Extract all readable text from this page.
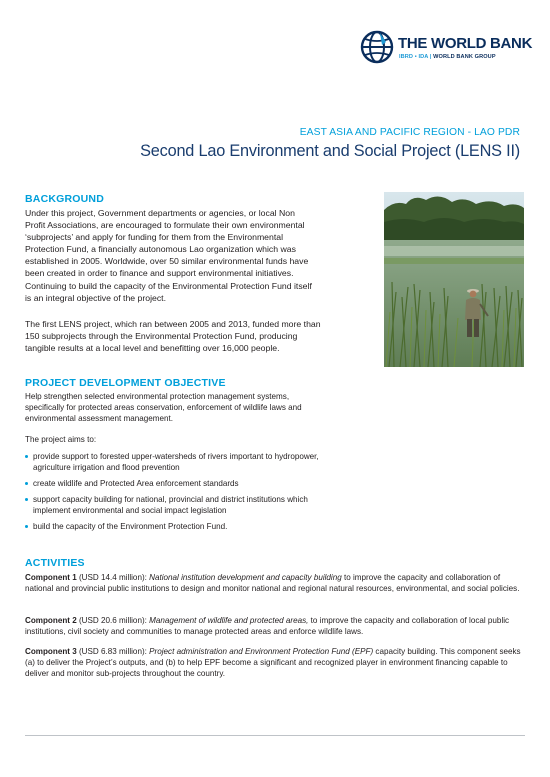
THE WORLD BANK
IBRD • IDA | WORLD BANK GROUP
EAST ASIA AND PACIFIC REGION - LAO PDR
Second Lao Environment and Social Project (LENS II)
BACKGROUND
Under this project, Government departments or agencies, or local Non
Profit Associations, are encouraged to formulate their own environmental
‘subprojects’ and apply for funding for them from the Environmental
Protection Fund, a financially autonomous Lao organization which was
established in 2005. Worldwide, over 50 similar environmental funds have
been created in order to finance and support environmental initiatives.
Continuing to build the capacity of the Environmental Protection Fund itself
is an integral objective of the project.
The first LENS project, which ran between 2005 and 2013, funded more than
150 subprojects through the Environmental Protection Fund, producing
tangible results at a local level and benefitting over 16,000 people.
PROJECT DEVELOPMENT OBJECTIVE
Help strengthen selected environmental protection management systems,
specifically for protected areas conservation, enforcement of wildlife laws and
environmental assessment management.
The project aims to:
provide support to forested upper-watersheds of rivers important to hydropower,
agriculture irrigation and flood prevention
create wildlife and Protected Area enforcement standards
support capacity building for national, provincial and district institutions which
implement environmental and social impact legislation
build the capacity of the Environment Protection Fund.
ACTIVITIES
Component 1 (USD 14.4 million): National institution development and capacity building to improve the capacity and collaboration of national and provincial public institutions to design and monitor national and regional natural resources, environmental, and social policies.
Component 2 (USD 20.6 million): Management of wildlife and protected areas, to improve the capacity and collaboration of local public institutions, civil society and communities to manage protected areas and enforce wildlife laws.
Component 3 (USD 6.83 million): Project administration and Environment Protection Fund (EPF) capacity building. This component seeks (a) to deliver the Project’s outputs, and (b) to help EPF become a significant and recognized player in environment financing capable to deliver and monitor sub-projects throughout the country.
